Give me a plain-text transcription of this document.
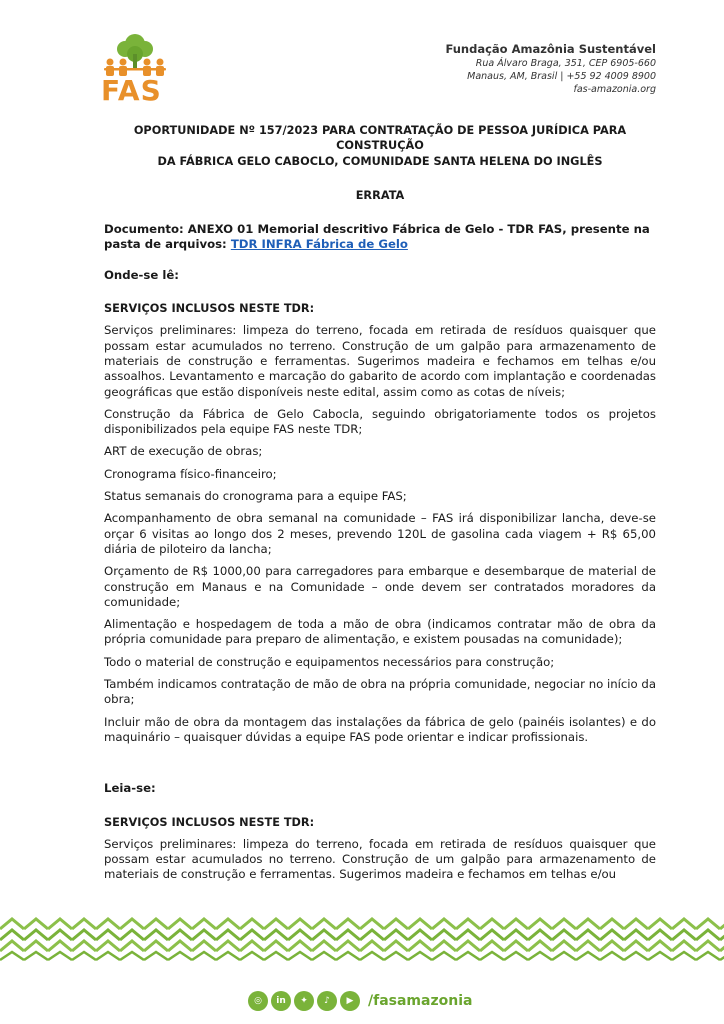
FAS
Fundação Amazônia Sustentável
Rua Álvaro Braga, 351, CEP 6905-660
Manaus, AM, Brasil | +55 92 4009 8900
fas-amazonia.org
OPORTUNIDADE Nº 157/2023 PARA CONTRATAÇÃO DE PESSOA JURÍDICA PARA CONSTRUÇÃO
DA FÁBRICA GELO CABOCLO, COMUNIDADE SANTA HELENA DO INGLÊS
ERRATA
Documento: ANEXO 01 Memorial descritivo Fábrica de Gelo - TDR FAS, presente na pasta de arquivos: TDR INFRA Fábrica de Gelo
Onde-se lê:
SERVIÇOS INCLUSOS NESTE TDR:

Serviços preliminares: limpeza do terreno, focada em retirada de resíduos quaisquer que possam estar acumulados no terreno. Construção de um galpão para armazenamento de materiais de construção e ferramentas. Sugerimos madeira e fechamos em telhas e/ou assoalhos. Levantamento e marcação do gabarito de acordo com implantação e coordenadas geográficas que estão disponíveis neste edital, assim como as cotas de níveis;

Construção da Fábrica de Gelo Cabocla, seguindo obrigatoriamente todos os projetos disponibilizados pela equipe FAS neste TDR;

ART de execução de obras;

Cronograma físico-financeiro;

Status semanais do cronograma para a equipe FAS;

Acompanhamento de obra semanal na comunidade – FAS irá disponibilizar lancha, deve-se orçar 6 visitas ao longo dos 2 meses, prevendo 120L de gasolina cada viagem + R$ 65,00 diária de piloteiro da lancha;

Orçamento de R$ 1000,00 para carregadores para embarque e desembarque de material de construção em Manaus e na Comunidade – onde devem ser contratados moradores da comunidade;

Alimentação e hospedagem de toda a mão de obra (indicamos contratar mão de obra da própria comunidade para preparo de alimentação, e existem pousadas na comunidade);

Todo o material de construção e equipamentos necessários para construção;

Também indicamos contratação de mão de obra na própria comunidade, negociar no início da obra;

Incluir mão de obra da montagem das instalações da fábrica de gelo (painéis isolantes) e do maquinário – quaisquer dúvidas a equipe FAS pode orientar e indicar profissionais.

Leia-se:
SERVIÇOS INCLUSOS NESTE TDR:

Serviços preliminares: limpeza do terreno, focada em retirada de resíduos quaisquer que possam estar acumulados no terreno. Construção de um galpão para armazenamento de materiais de construção e ferramentas. Sugerimos madeira e fechamos em telhas e/ou

◎	in	✦	♪	▶	/fasamazonia
